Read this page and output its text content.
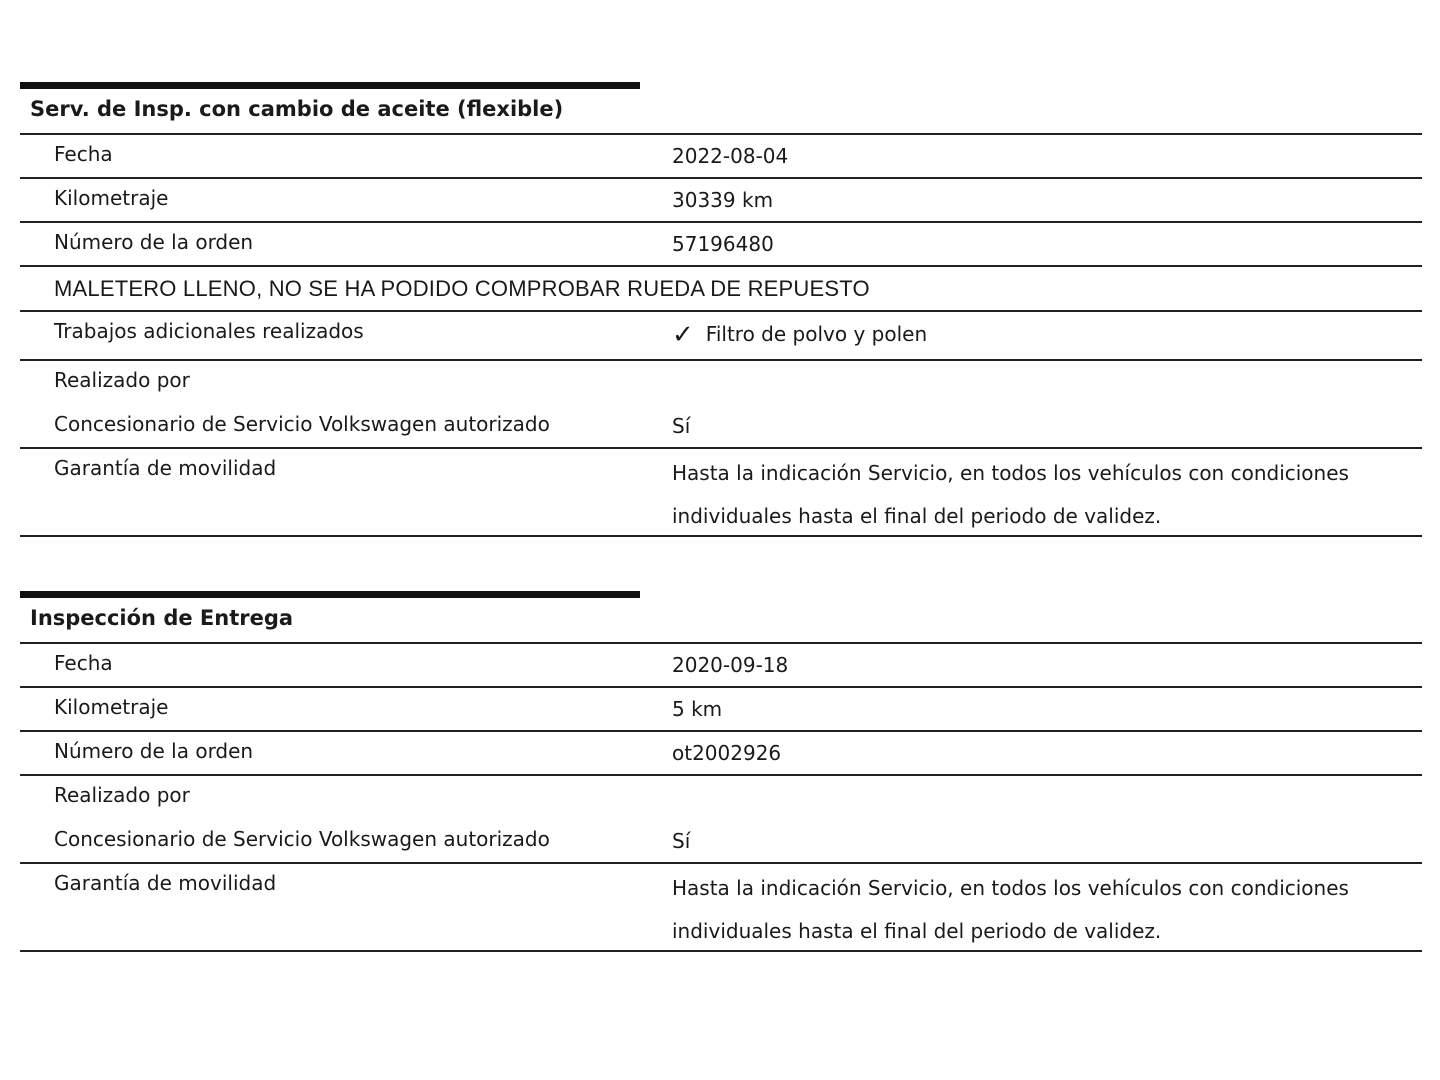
Serv. de Insp. con cambio de aceite (flexible)
Fecha	2022-08-04
Kilometraje	30339 km
Número de la orden	57196480
MALETERO LLENO, NO SE HA PODIDO COMPROBAR RUEDA DE REPUESTO
Trabajos adicionales realizados	✓ Filtro de polvo y polen
Realizado por
Concesionario de Servicio Volkswagen autorizado	Sí
Garantía de movilidad	Hasta la indicación Servicio, en todos los vehículos con condiciones individuales hasta el final del periodo de validez.
Inspección de Entrega
Fecha	2020-09-18
Kilometraje	5 km
Número de la orden	ot2002926
Realizado por
Concesionario de Servicio Volkswagen autorizado	Sí
Garantía de movilidad	Hasta la indicación Servicio, en todos los vehículos con condiciones individuales hasta el final del periodo de validez.
